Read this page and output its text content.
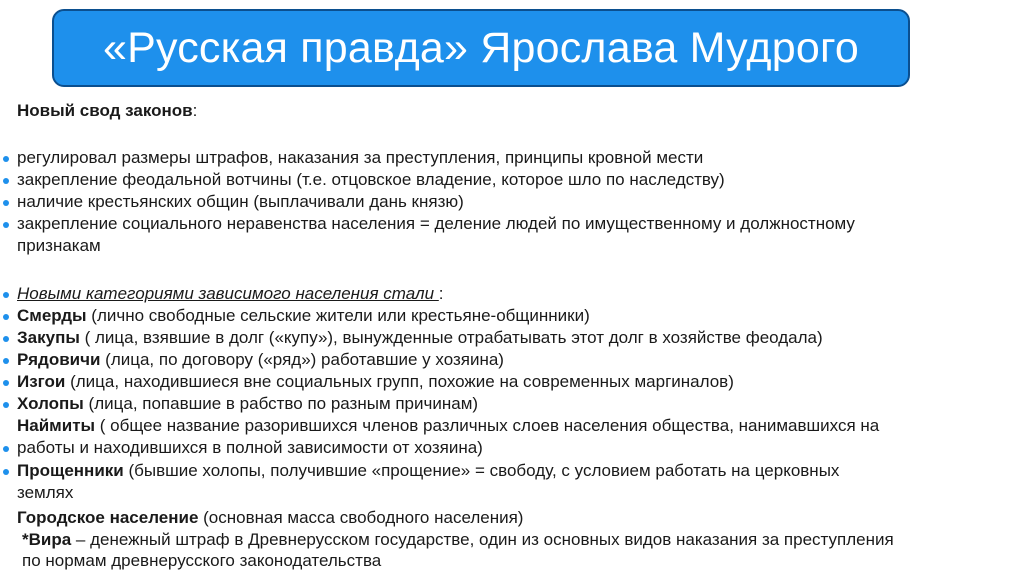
«Русская правда» Ярослава Мудрого
Новый свод законов:
регулировал размеры штрафов, наказания за преступления, принципы кровной мести
закрепление феодальной вотчины (т.е. отцовское владение, которое шло по наследству)
наличие крестьянских общин (выплачивали дань князю)
закрепление социального неравенства населения = деление людей по имущественному и должностному
признакам
Новыми категориями зависимого населения стали :
Смерды (лично свободные сельские жители или крестьяне-общинники)
Закупы ( лица, взявшие в долг («купу»), вынужденные отрабатывать этот долг в хозяйстве феодала)
Рядовичи (лица, по договору («ряд») работавшие у хозяина)
Изгои (лица, находившиеся вне социальных групп, похожие на современных маргиналов)
Холопы (лица, попавшие в рабство по разным причинам)
Наймиты ( общее название разорившихся членов различных слоев населения общества, нанимавшихся на
работы и находившихся в полной зависимости от хозяина)
Прощенники (бывшие холопы, получившие «прощение» = свободу, с условием работать на церковных
землях
Городское население (основная масса свободного населения)
*Вира – денежный штраф в Древнерусском государстве, один из основных видов наказания за преступления
по нормам древнерусского законодательства
